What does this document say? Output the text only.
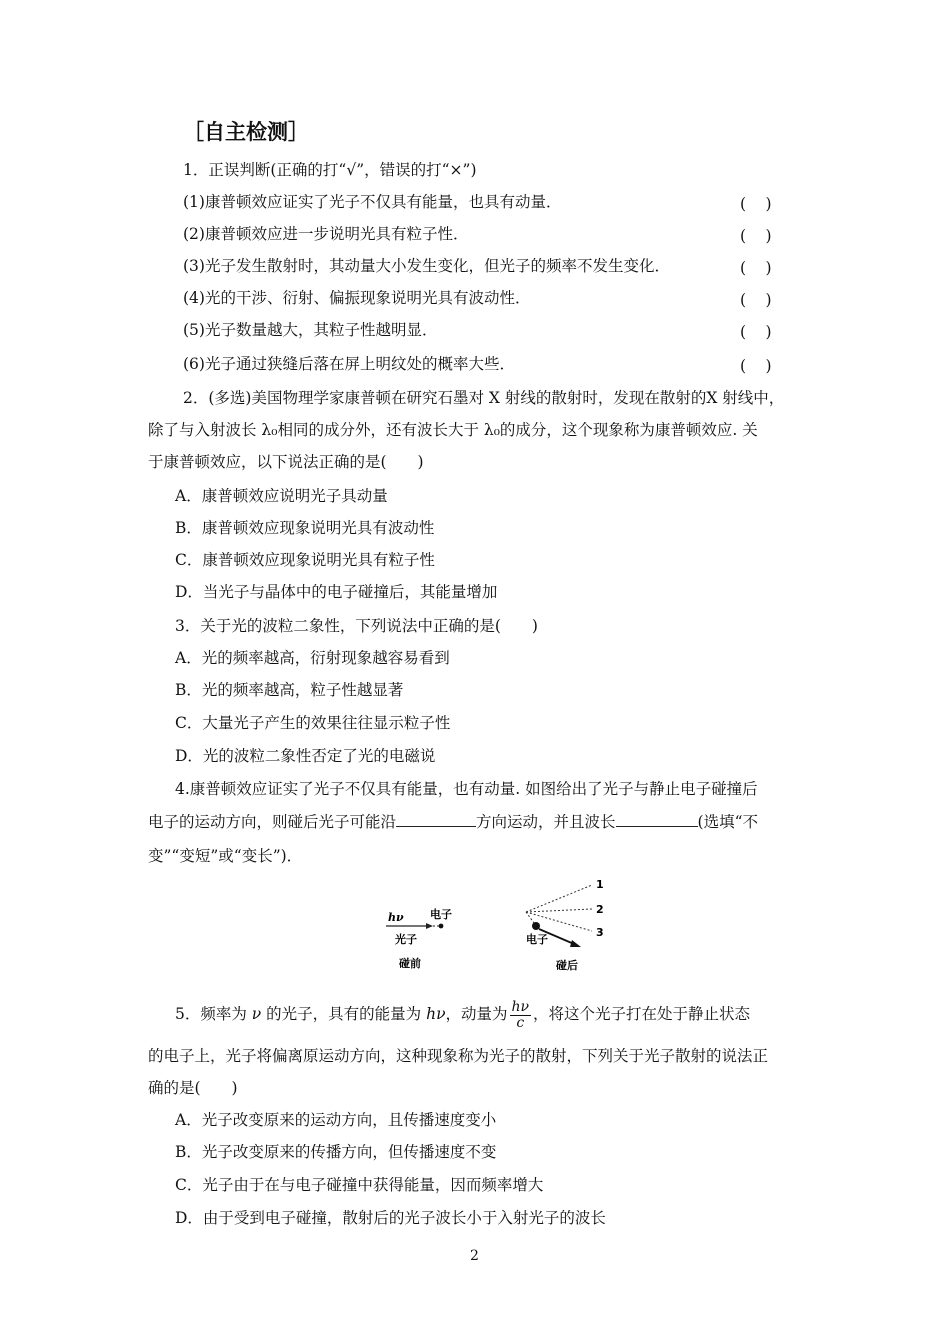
［自主检测］
1．正误判断(正确的打“√”，错误的打“×”)
(1)康普顿效应证实了光子不仅具有能量，也具有动量．	(　)
(2)康普顿效应进一步说明光具有粒子性．	(　)
(3)光子发生散射时，其动量大小发生变化，但光子的频率不发生变化．	(　)
(4)光的干涉、衍射、偏振现象说明光具有波动性．	(　)
(5)光子数量越大，其粒子性越明显．	(　)
(6)光子通过狭缝后落在屏上明纹处的概率大些．	(　)
2．(多选)美国物理学家康普顿在研究石墨对 X 射线的散射时，发现在散射的X 射线中，
除了与入射波长 λ₀相同的成分外，还有波长大于 λ₀的成分，这个现象称为康普顿效应. 关
于康普顿效应，以下说法正确的是(　　)
A．康普顿效应说明光子具动量
B．康普顿效应现象说明光具有波动性
C．康普顿效应现象说明光具有粒子性
D．当光子与晶体中的电子碰撞后，其能量增加
3．关于光的波粒二象性，下列说法中正确的是(　　)
A．光的频率越高，衍射现象越容易看到
B．光的频率越高，粒子性越显著
C．大量光子产生的效果往往显示粒子性
D．光的波粒二象性否定了光的电磁说
4.康普顿效应证实了光子不仅具有能量，也有动量. 如图给出了光子与静止电子碰撞后
电子的运动方向，则碰后光子可能沿	方向运动，并且波长	(选填“不
变”“变短”或“变长”)．
hν 电子
光子
碰前
1
2
3
电子
碰后
5．频率为 ν 的光子，具有的能量为 hν，动量为 $\frac{h\nu}{c}$ ，将这个光子打在处于静止状态
的电子上，光子将偏离原运动方向，这种现象称为光子的散射，下列关于光子散射的说法正
确的是(　　)
A．光子改变原来的运动方向，且传播速度变小
B．光子改变原来的传播方向，但传播速度不变
C．光子由于在与电子碰撞中获得能量，因而频率增大
D．由于受到电子碰撞，散射后的光子波长小于入射光子的波长
2
